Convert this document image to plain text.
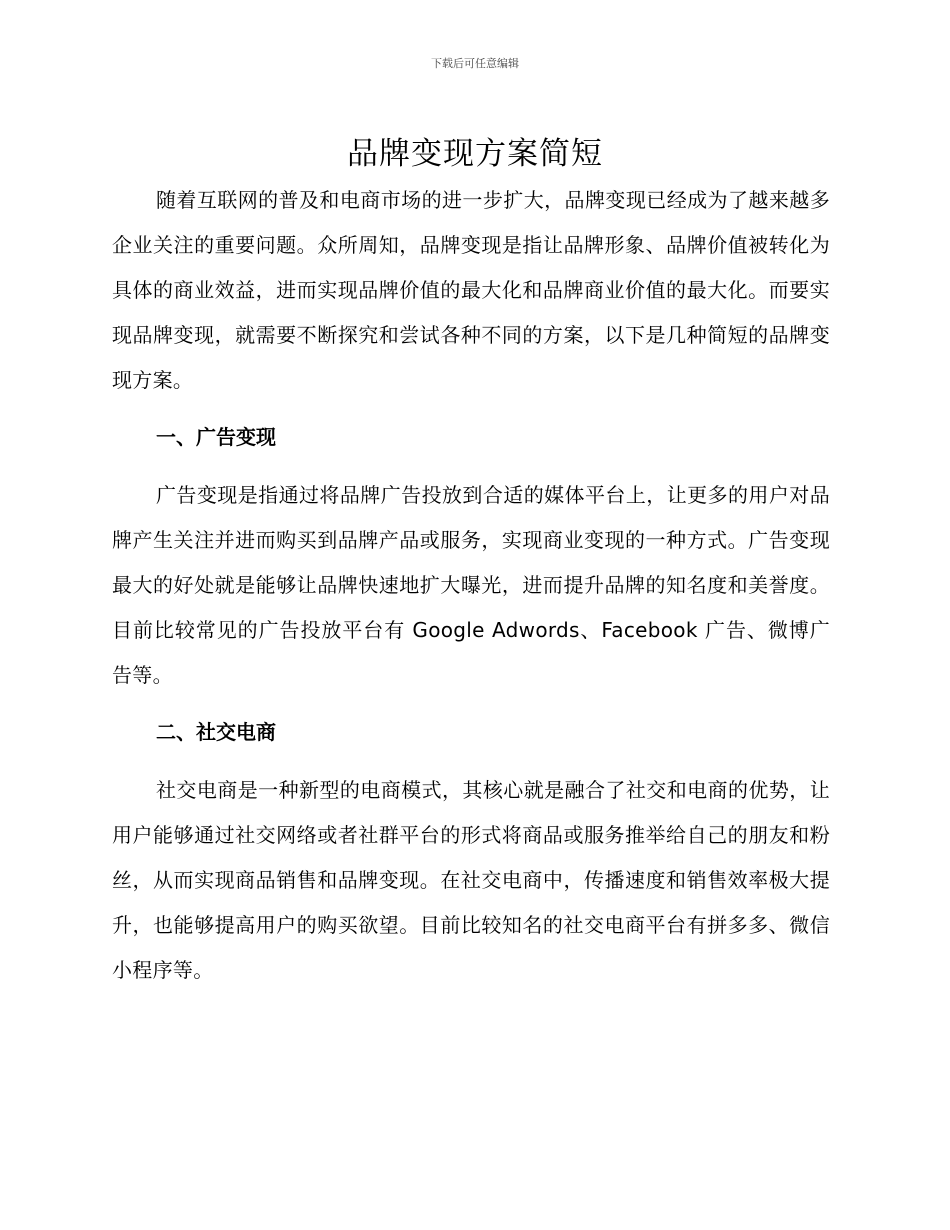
下载后可任意编辑
品牌变现方案简短

随着互联网的普及和电商市场的进一步扩大，品牌变现已经成为了越来越多企业关注的重要问题。众所周知，品牌变现是指让品牌形象、品牌价值被转化为具体的商业效益，进而实现品牌价值的最大化和品牌商业价值的最大化。而要实现品牌变现，就需要不断探究和尝试各种不同的方案，以下是几种简短的品牌变现方案。

一、广告变现

广告变现是指通过将品牌广告投放到合适的媒体平台上，让更多的用户对品牌产生关注并进而购买到品牌产品或服务，实现商业变现的一种方式。广告变现最大的好处就是能够让品牌快速地扩大曝光，进而提升品牌的知名度和美誉度。目前比较常见的广告投放平台有 Google Adwords、Facebook 广告、微博广告等。

二、社交电商

社交电商是一种新型的电商模式，其核心就是融合了社交和电商的优势，让用户能够通过社交网络或者社群平台的形式将商品或服务推举给自己的朋友和粉丝，从而实现商品销售和品牌变现。在社交电商中，传播速度和销售效率极大提升，也能够提高用户的购买欲望。目前比较知名的社交电商平台有拼多多、微信小程序等。
